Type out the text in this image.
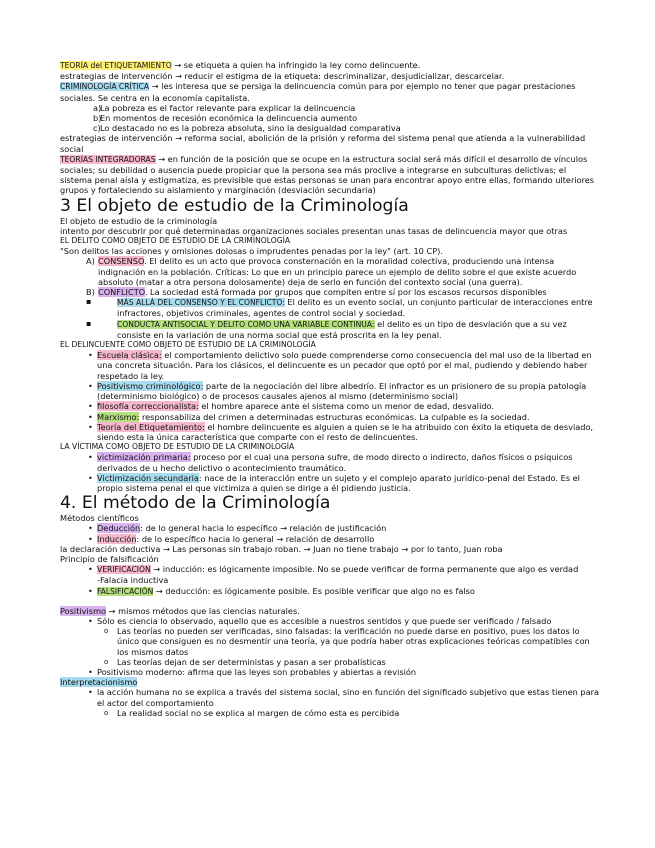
TEORÍA del ETIQUETAMIENTO → se etiqueta a quien ha infringido la ley como delincuente.

estrategias de intervención → reducir el estigma de la etiqueta: descriminalizar, desjudicializar, descarcelar.

CRIMINOLOGÍA CRÍTICA → les interesa que se persiga la delincuencia común para por ejemplo no tener que pagar prestaciones sociales. Se centra en la economía capitalista.

a)
La pobreza es el factor relevante para explicar la delincuencia

b)
En momentos de recesión económica la delincuencia aumento

c) Lo destacado no es la pobreza absoluta, sino la desigualdad comparativa

estrategias de intervención → reforma social, abolición de la prisión y reforma del sistema penal que atienda a la vulnerabilidad social

TEORÍAS INTEGRADORAS → en función de la posición que se ocupe en la estructura social será más difícil el desarrollo de vínculos sociales; su debilidad o ausencia puede propiciar que la persona sea más proclive a integrarse en subculturas delictivas; el sistema penal aísla y estigmatiza, es previsible que estas personas se unan para encontrar apoyo entre ellas, formando ulteriores grupos y fortaleciendo su aislamiento y marginación (desviación secundaria)

3 El objeto de estudio de la Criminología

El objeto de estudio de la criminología

intento por descubrir por qué determinadas organizaciones sociales presentan unas tasas de delincuencia mayor que otras

EL DELITO COMO OBJETO DE ESTUDIO DE LA CRIMINOLOGÍA

"Son delitos las acciones y omisiones dolosas o imprudentes penadas por la ley" (art. 10 CP).

A) CONSENSO. El delito es un acto que provoca consternación en la moralidad colectiva, produciendo una intensa indignación en la población. Críticas: Lo que en un principio parece un ejemplo de delito sobre el que existe acuerdo absoluto (matar a otra persona dolosamente) deja de serlo en función del contexto social (una guerra).
B) CONFLICTO. La sociedad está formada por grupos que compiten entre sí por los escasos recursos disponibles
▪ MÁS ALLÁ DEL CONSENSO Y EL CONFLICTO: El delito es un evento social, un conjunto particular de interacciones entre infractores, objetivos criminales, agentes de control social y sociedad.
▪ CONDUCTA ANTISOCIAL Y DELITO COMO UNA VARIABLE CONTINUA: el delito es un tipo de desviación que a su vez consiste en la variación de una norma social que está proscrita en la ley penal.

EL DELINCUENTE COMO OBJETO DE ESTUDIO DE LA CRIMINOLOGÍA

• Escuela clásica: el comportamiento delictivo solo puede comprenderse como consecuencia del mal uso de la libertad en una concreta situación. Para los clásicos, el delincuente es un pecador que optó por el mal, pudiendo y debiendo haber respetado la ley.
• Positivismo criminológico: parte de la negociación del libre albedrío. El infractor es un prisionero de su propia patología (determinismo biológico) o de procesos causales ajenos al mismo (determinismo social)
• filosofía correccionalista: el hombre aparece ante el sistema como un menor de edad, desvalido.
• Marxismo: responsabiliza del crimen a determinadas estructuras económicas. La culpable es la sociedad.
• Teoría del Etiquetamiento: el hombre delincuente es alguien a quien se le ha atribuido con éxito la etiqueta de desviado, siendo esta la única característica que comparte con el resto de delincuentes.

LA VÍCTIMA COMO OBJETO DE ESTUDIO DE LA CRIMINOLOGÍA

• victimización primaria: proceso por el cual una persona sufre, de modo directo o indirecto, daños físicos o psíquicos derivados de u hecho delictivo o acontecimiento traumático.
• Victimización secundaria: nace de la interacción entre un sujeto y el complejo aparato jurídico-penal del Estado. Es el propio sistema penal el que victimiza a quien se dirige a él pidiendo justicia.
4. El método de la Criminología

Métodos científicos

• Deducción: de lo general hacia lo específico → relación de justificación
• Inducción: de lo específico hacia lo general → relación de desarrollo

la declaración deductiva → Las personas sin trabajo roban. → Juan no tiene trabajo → por lo tanto, Juan roba

Principio de falsificación

• VERIFICACIÓN → inducción: es lógicamente imposible. No se puede verificar de forma permanente que algo es verdad
-Falacia inductiva
• FALSIFICACIÓN → deducción: es lógicamente posible. Es posible verificar que algo no es falso

Positivismo → mismos métodos que las ciencias naturales.

• Sólo es ciencia lo observado, aquello que es accesible a nuestros sentidos y que puede ser verificado / falsado
o Las teorías no pueden ser verificadas, sino falsadas: la verificación no puede darse en positivo, pues los datos lo único que consiguen es no desmentir una teoría, ya que podría haber otras explicaciones teóricas compatibles con los mismos datos
o Las teorías dejan de ser deterministas y pasan a ser probalísticas
• Positivismo moderno: afirma que las leyes son probables y abiertas a revisión

Interpretacionismo

• la acción humana no se explica a través del sistema social, sino en función del significado subjetivo que estas tienen para el actor del comportamiento
o La realidad social no se explica al margen de cómo esta es percibida
